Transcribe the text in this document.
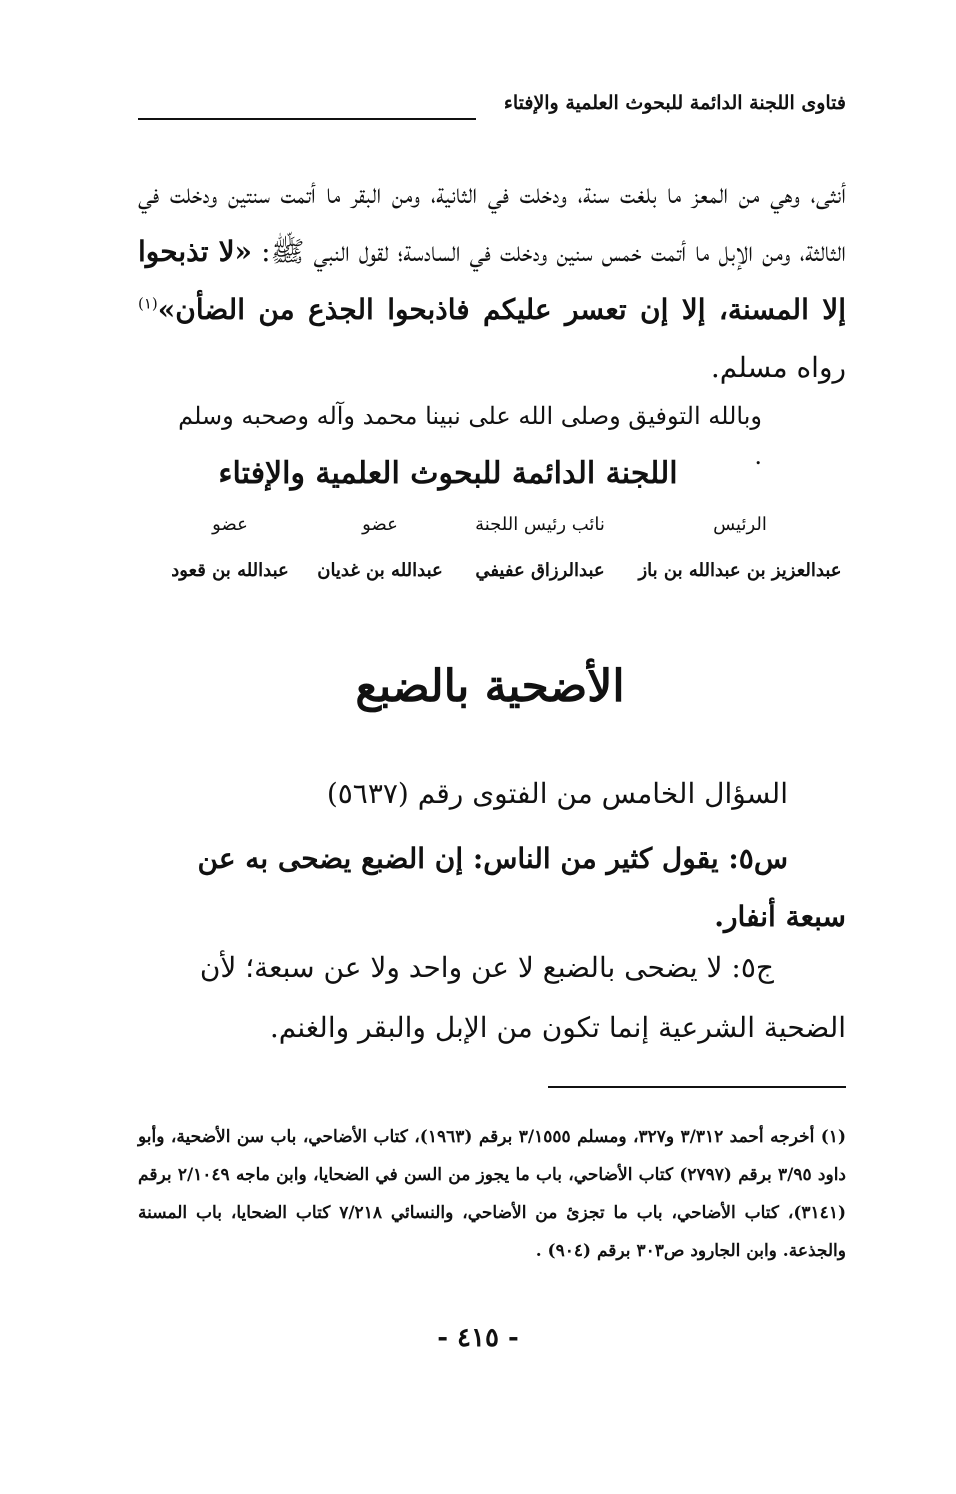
فتاوى اللجنة الدائمة للبحوث العلمية والإفتاء
أنثى، وهي من المعز ما بلغت سنة، ودخلت في الثانية، ومن البقر ما أتمت سنتين ودخلت في الثالثة، ومن الإبل ما أتمت خمس سنين ودخلت في السادسة؛ لقول النبي ﷺ: «لا تذبحوا إلا المسنة، إلا إن تعسر عليكم فاذبحوا الجذع من الضأن»$^{(١)}$ رواه مسلم.
وبالله التوفيق وصلى الله على نبينا محمد وآله وصحبه وسلم .
اللجنة الدائمة للبحوث العلمية والإفتاء
عضو	عضو	نائب رئيس اللجنة	الرئيس
عبدالله بن قعود	عبدالله بن غديان	عبدالرزاق عفيفي	عبدالعزيز بن عبدالله بن باز
الأضحية بالضبع
السؤال الخامس من الفتوى رقم (٥٦٣٧)
س٥: يقول كثير من الناس: إن الضبع يضحى به عن سبعة أنفار.
ج٥: لا يضحى بالضبع لا عن واحد ولا عن سبعة؛ لأن الضحية الشرعية إنما تكون من الإبل والبقر والغنم.
(١) أخرجه أحمد ٣/٣١٢ و٣٢٧، ومسلم ٣/١٥٥٥ برقم (١٩٦٣)، كتاب الأضاحي، باب سن الأضحية، وأبو داود ٣/٩٥ برقم (٢٧٩٧) كتاب الأضاحي، باب ما يجوز من السن في الضحايا، وابن ماجه ٢/١٠٤٩ برقم (٣١٤١)، كتاب الأضاحي، باب ما تجزئ من الأضاحي، والنسائي ٧/٢١٨ كتاب الضحايا، باب المسنة والجذعة. وابن الجارود ص٣٠٣ برقم (٩٠٤) .
- ٤١٥ -
